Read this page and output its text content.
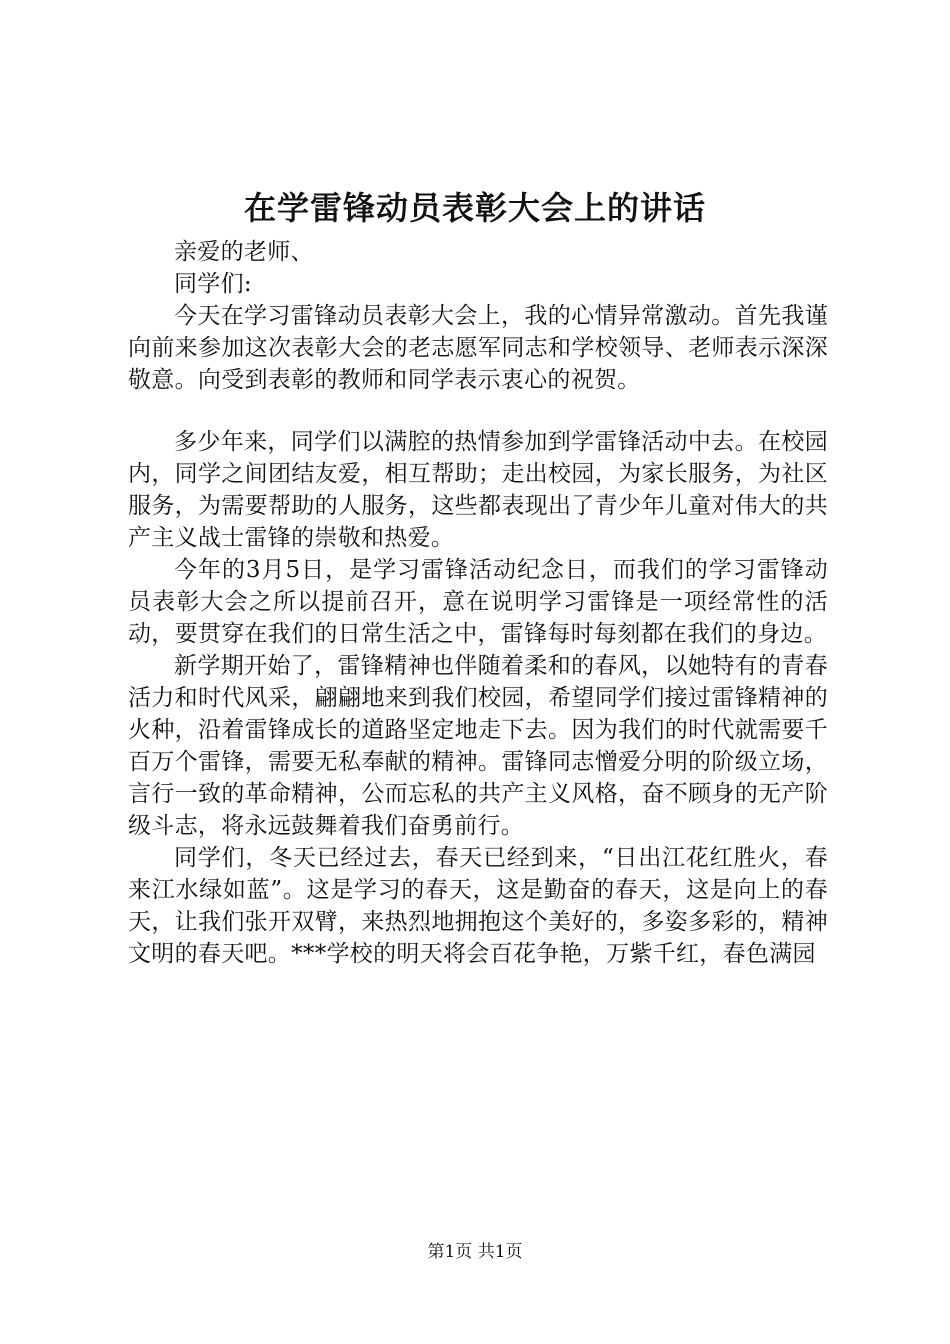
在学雷锋动员表彰大会上的讲话

亲爱的老师、

同学们:

今天在学习雷锋动员表彰大会上，我的心情异常激动。首先我谨向前来参加这次表彰大会的老志愿军同志和学校领导、老师表示深深敬意。向受到表彰的教师和同学表示衷心的祝贺。

多少年来，同学们以满腔的热情参加到学雷锋活动中去。在校园内，同学之间团结友爱，相互帮助；走出校园，为家长服务，为社区服务，为需要帮助的人服务，这些都表现出了青少年儿童对伟大的共产主义战士雷锋的崇敬和热爱。

今年的3月5日，是学习雷锋活动纪念日，而我们的学习雷锋动员表彰大会之所以提前召开，意在说明学习雷锋是一项经常性的活动，要贯穿在我们的日常生活之中，雷锋每时每刻都在我们的身边。

新学期开始了，雷锋精神也伴随着柔和的春风，以她特有的青春活力和时代风采，翩翩地来到我们校园，希望同学们接过雷锋精神的火种，沿着雷锋成长的道路坚定地走下去。因为我们的时代就需要千百万个雷锋，需要无私奉献的精神。雷锋同志憎爱分明的阶级立场，言行一致的革命精神，公而忘私的共产主义风格，奋不顾身的无产阶级斗志，将永远鼓舞着我们奋勇前行。

同学们，冬天已经过去，春天已经到来，“日出江花红胜火，春来江水绿如蓝”。这是学习的春天，这是勤奋的春天，这是向上的春天，让我们张开双臂，来热烈地拥抱这个美好的，多姿多彩的，精神文明的春天吧。***学校的明天将会百花争艳，万紫千红，春色满园

第1页 共1页
